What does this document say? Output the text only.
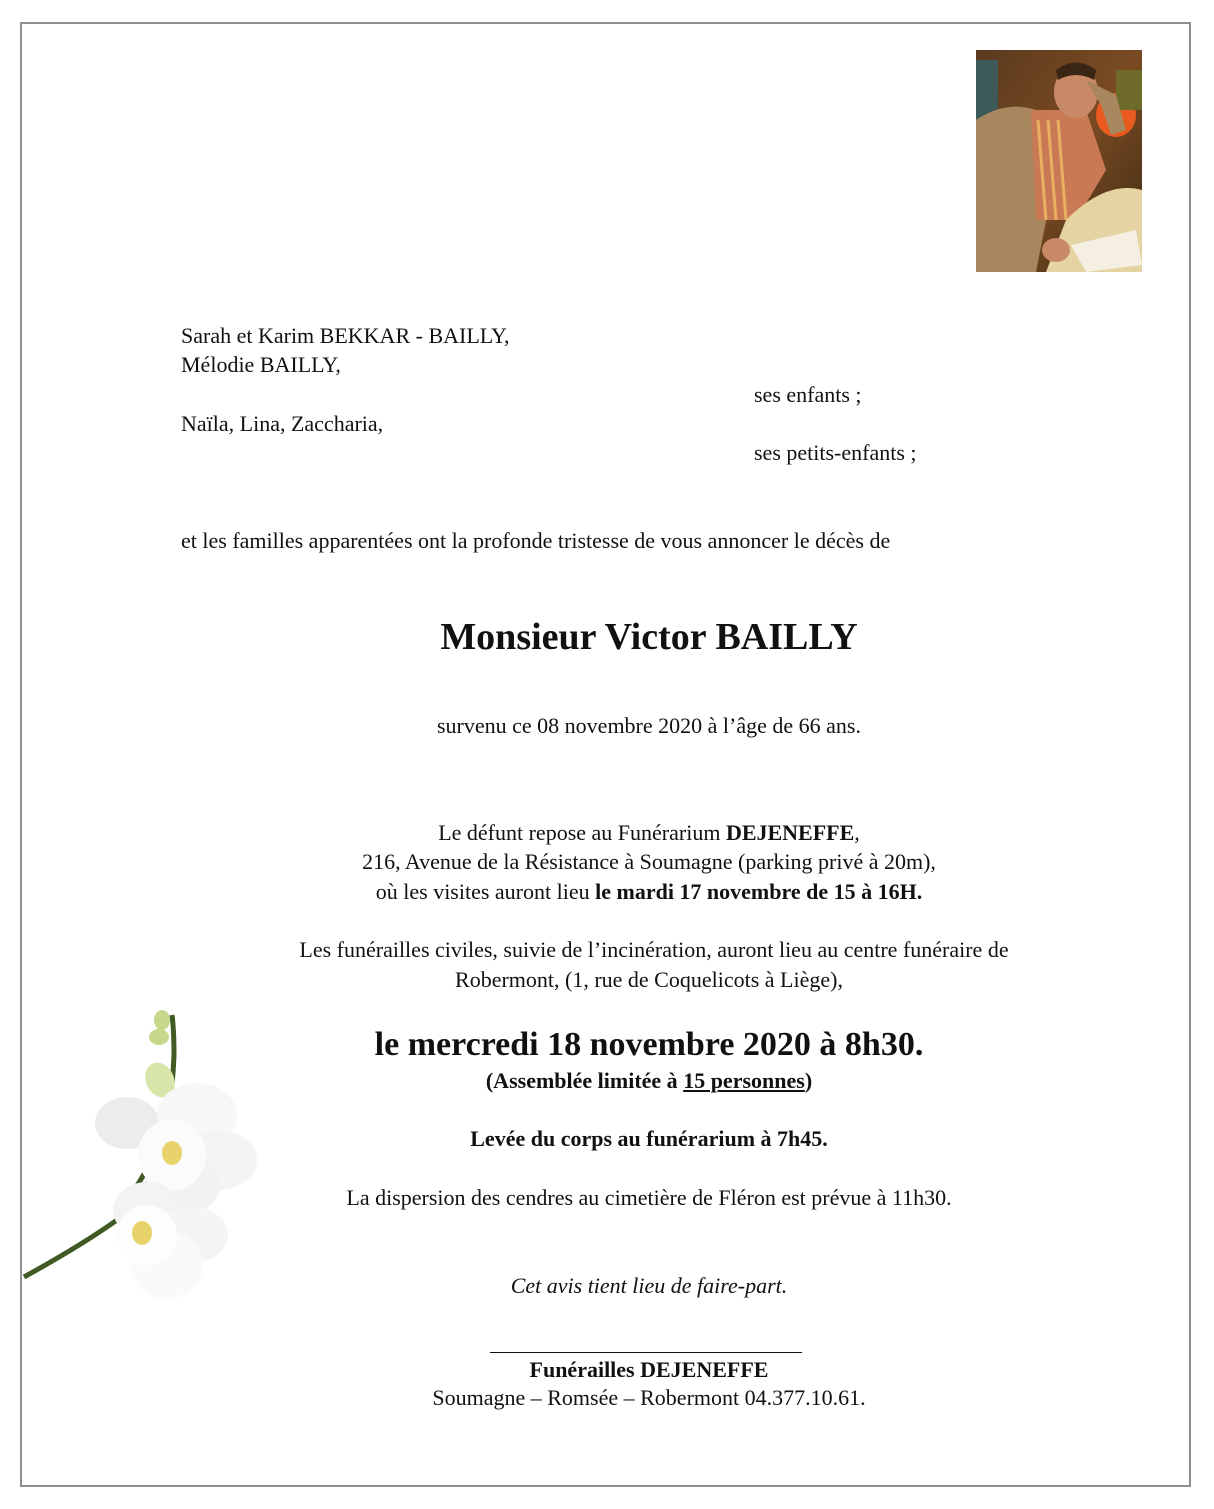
Sarah et Karim BEKKAR - BAILLY,
Mélodie BAILLY,
ses enfants ;
Naïla, Lina, Zaccharia,
ses petits-enfants ;
et les familles apparentées ont la profonde tristesse de vous annoncer le décès de
Monsieur Victor BAILLY
survenu ce 08 novembre 2020 à l’âge de 66 ans.
Le défunt repose au Funérarium DEJENEFFE,
216, Avenue de la Résistance à Soumagne (parking privé à 20m),
où les visites auront lieu le mardi 17 novembre de 15 à 16H.
Les funérailles civiles, suivie de l’incinération, auront lieu au centre funéraire de
Robermont, (1, rue de Coquelicots à Liège),
le mercredi 18 novembre 2020 à 8h30.
(Assemblée limitée à 15 personnes)
Levée du corps au funérarium à 7h45.
La dispersion des cendres au cimetière de Fléron est prévue à 11h30.
Cet avis tient lieu de faire-part.
Funérailles DEJENEFFE
Soumagne – Romsée – Robermont 04.377.10.61.
